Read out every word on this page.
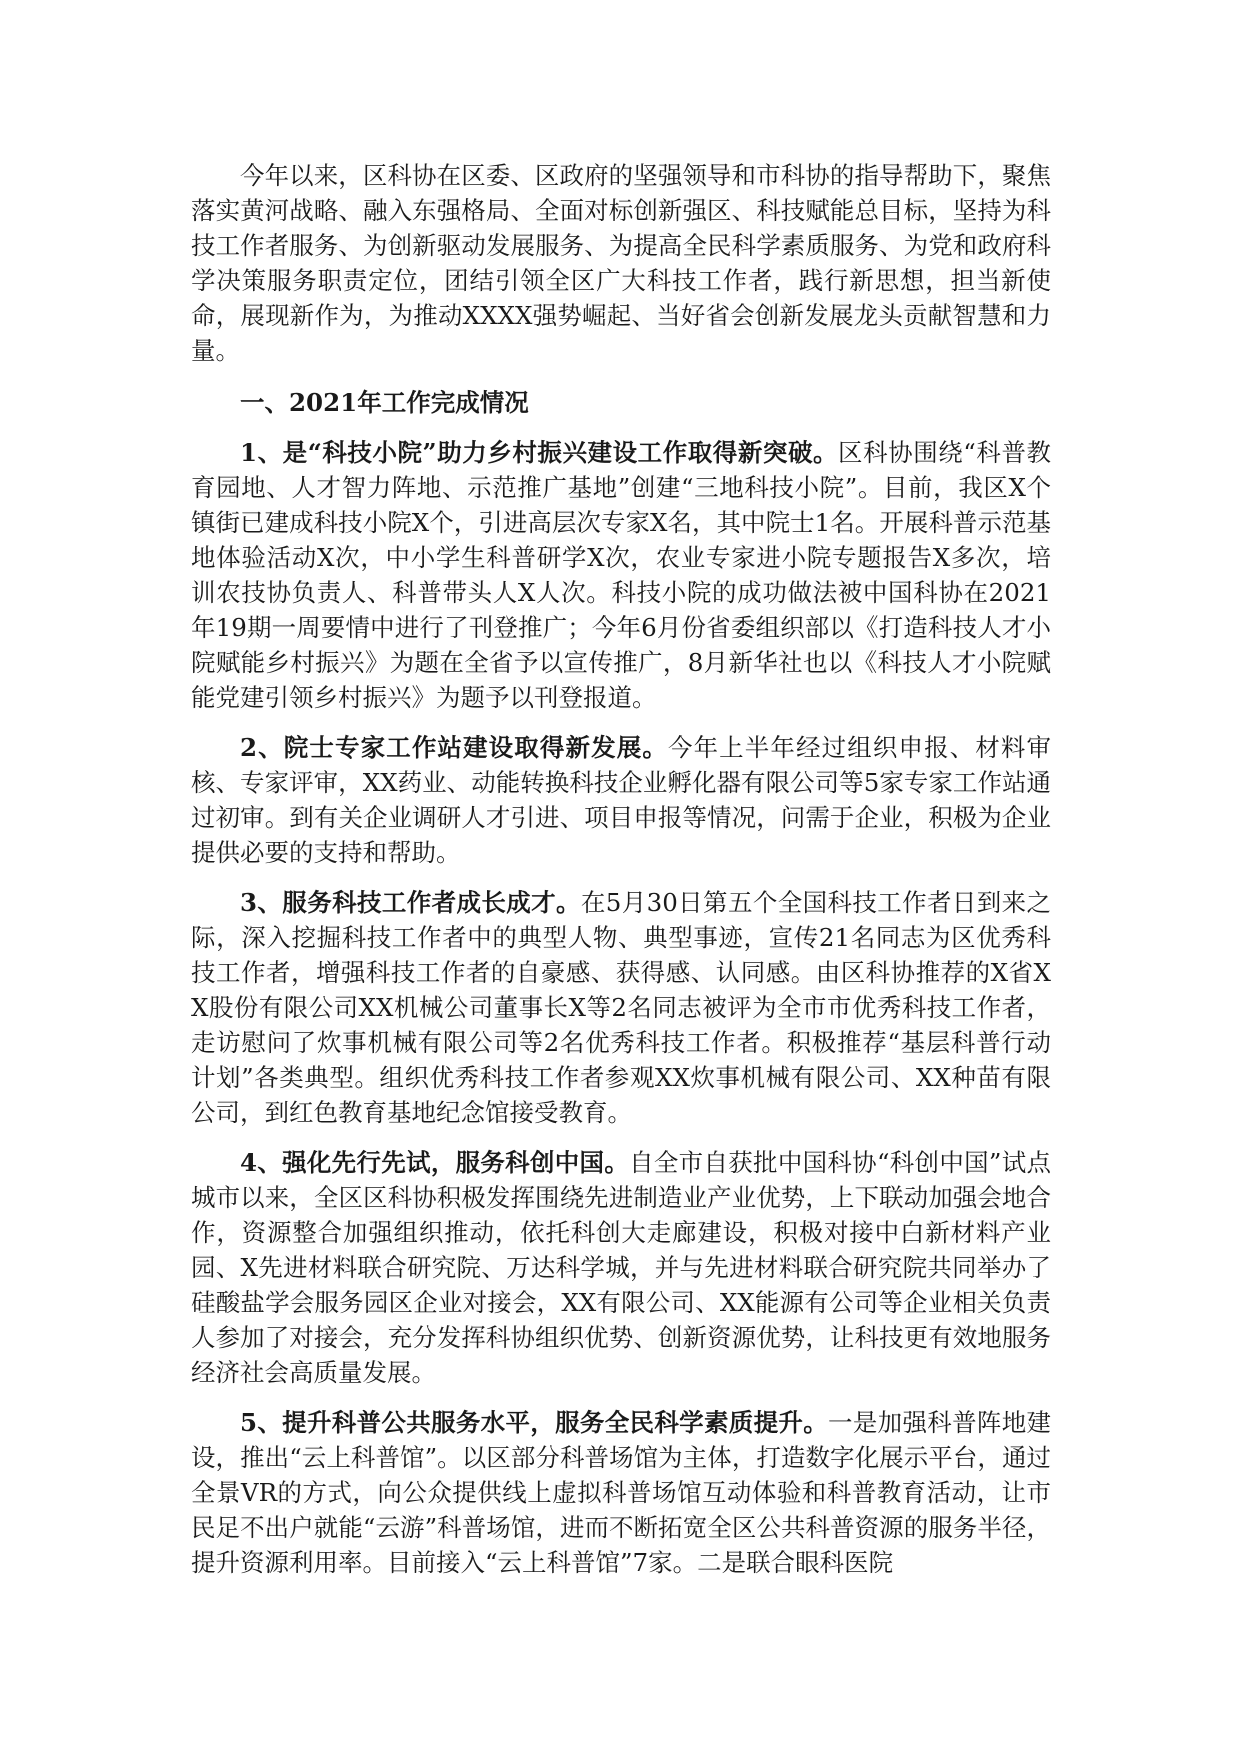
今年以来，区科协在区委、区政府的坚强领导和市科协的指导帮助下，聚焦落实黄河战略、融入东强格局、全面对标创新强区、科技赋能总目标，坚持为科技工作者服务、为创新驱动发展服务、为提高全民科学素质服务、为党和政府科学决策服务职责定位，团结引领全区广大科技工作者，践行新思想，担当新使命，展现新作为，为推动XXXX强势崛起、当好省会创新发展龙头贡献智慧和力量。

一、2021年工作完成情况

1、是“科技小院”助力乡村振兴建设工作取得新突破。区科协围绕“科普教育园地、人才智力阵地、示范推广基地”创建“三地科技小院”。目前，我区X个镇街已建成科技小院X个，引进高层次专家X名，其中院士1名。开展科普示范基地体验活动X次，中小学生科普研学X次，农业专家进小院专题报告X多次，培训农技协负责人、科普带头人X人次。科技小院的成功做法被中国科协在2021年19期一周要情中进行了刊登推广；今年6月份省委组织部以《打造科技人才小院赋能乡村振兴》为题在全省予以宣传推广，8月新华社也以《科技人才小院赋能党建引领乡村振兴》为题予以刊登报道。

2、院士专家工作站建设取得新发展。今年上半年经过组织申报、材料审核、专家评审，XX药业、动能转换科技企业孵化器有限公司等5家专家工作站通过初审。到有关企业调研人才引进、项目申报等情况，问需于企业，积极为企业提供必要的支持和帮助。

3、服务科技工作者成长成才。在5月30日第五个全国科技工作者日到来之际，深入挖掘科技工作者中的典型人物、典型事迹，宣传21名同志为区优秀科技工作者，增强科技工作者的自豪感、获得感、认同感。由区科协推荐的X省XX股份有限公司XX机械公司董事长X等2名同志被评为全市市优秀科技工作者，走访慰问了炊事机械有限公司等2名优秀科技工作者。积极推荐“基层科普行动计划”各类典型。组织优秀科技工作者参观XX炊事机械有限公司、XX种苗有限公司，到红色教育基地纪念馆接受教育。

4、强化先行先试，服务科创中国。自全市自获批中国科协“科创中国”试点城市以来，全区区科协积极发挥围绕先进制造业产业优势，上下联动加强会地合作，资源整合加强组织推动，依托科创大走廊建设，积极对接中白新材料产业园、X先进材料联合研究院、万达科学城，并与先进材料联合研究院共同举办了硅酸盐学会服务园区企业对接会，XX有限公司、XX能源有公司等企业相关负责人参加了对接会，充分发挥科协组织优势、创新资源优势，让科技更有效地服务经济社会高质量发展。

5、提升科普公共服务水平，服务全民科学素质提升。一是加强科普阵地建设，推出“云上科普馆”。以区部分科普场馆为主体，打造数字化展示平台，通过全景VR的方式，向公众提供线上虚拟科普场馆互动体验和科普教育活动，让市民足不出户就能“云游”科普场馆，进而不断拓宽全区公共科普资源的服务半径，提升资源利用率。目前接入“云上科普馆”7家。二是联合眼科医院
